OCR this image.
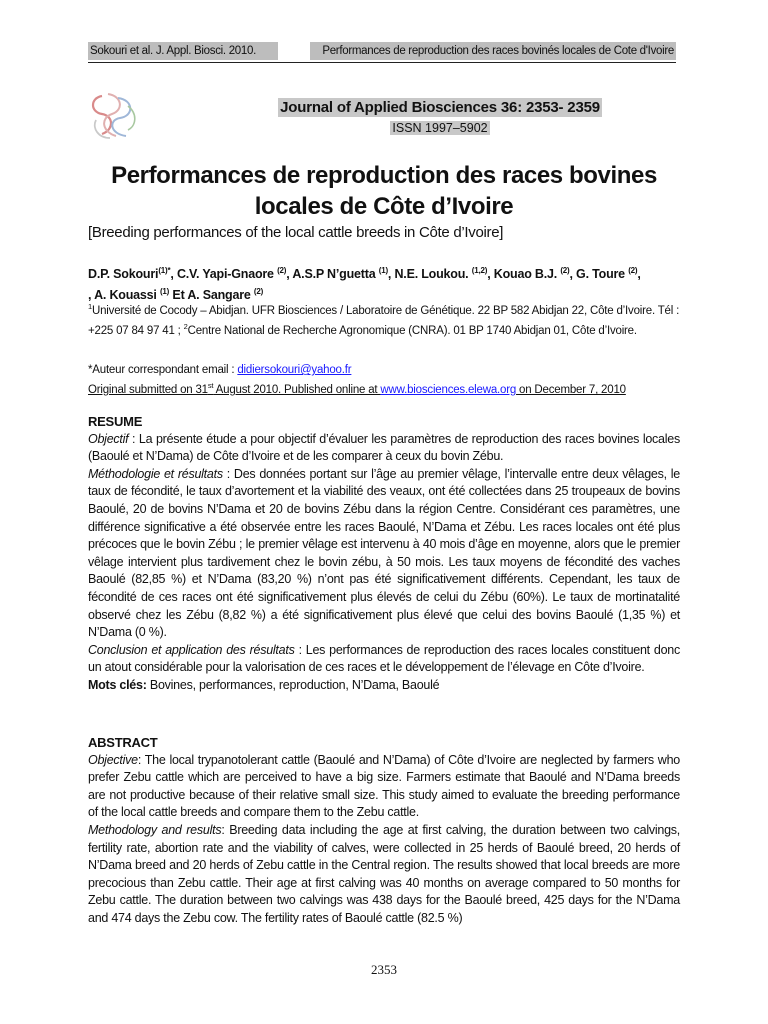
Sokouri et al. J. Appl. Biosci. 2010.	Performances de reproduction des races bovinés locales de Cote d'Ivoire
Journal of Applied Biosciences 36: 2353- 2359
ISSN 1997–5902
Performances de reproduction des races bovines locales de Côte d’Ivoire
[Breeding performances of the local cattle breeds in Côte d’Ivoire]
D.P. Sokouri$^{(1)*}$, C.V. Yapi-Gnaore $^{(2)}$, A.S.P N’guetta $^{(1)}$, N.E. Loukou. $^{(1,2)}$, Kouao B.J. $^{(2)}$, G. Toure $^{(2)}$,
, A. Kouassi $^{(1)}$ Et A. Sangare $^{(2)}$
$^1$Université de Cocody – Abidjan. UFR Biosciences / Laboratoire de Génétique. 22 BP 582 Abidjan 22, Côte d’Ivoire. Tél : +225 07 84 97 41 ; $^2$Centre National de Recherche Agronomique (CNRA). 01 BP 1740 Abidjan 01, Côte d’Ivoire.
*Auteur correspondant email : didiersokouri@yahoo.fr
Original submitted on 31st August 2010. Published online at www.biosciences.elewa.org on December 7, 2010
RESUME

Objectif : La présente étude a pour objectif d’évaluer les paramètres de reproduction des races bovines locales (Baoulé et N’Dama) de Côte d’Ivoire et de les comparer à ceux du bovin Zébu.

Méthodologie et résultats : Des données portant sur l’âge au premier vêlage, l’intervalle entre deux vêlages, le taux de fécondité, le taux d’avortement et la viabilité des veaux, ont été collectées dans 25 troupeaux de bovins Baoulé, 20 de bovins N’Dama et 20 de bovins Zébu dans la région Centre. Considérant ces paramètres, une différence significative a été observée entre les races Baoulé, N’Dama et Zébu. Les races locales ont été plus précoces que le bovin Zébu ; le premier vêlage est intervenu à 40 mois d’âge en moyenne, alors que le premier vêlage intervient plus tardivement chez le bovin zébu, à 50 mois. Les taux moyens de fécondité des vaches Baoulé (82,85 %) et N’Dama (83,20 %) n’ont pas été significativement différents. Cependant, les taux de fécondité de ces races ont été significativement plus élevés de celui du Zébu (60%). Le taux de mortinatalité observé chez les Zébu (8,82 %) a été significativement plus élevé que celui des bovins Baoulé (1,35 %) et N’Dama (0 %).

Conclusion et application des résultats : Les performances de reproduction des races locales constituent donc un atout considérable pour la valorisation de ces races et le développement de l’élevage en Côte d’Ivoire.

Mots clés: Bovines, performances, reproduction, N’Dama, Baoulé

ABSTRACT

Objective: The local trypanotolerant cattle (Baoulé and N’Dama) of Côte d’Ivoire are neglected by farmers who prefer Zebu cattle which are perceived to have a big size. Farmers estimate that Baoulé and N’Dama breeds are not productive because of their relative small size. This study aimed to evaluate the breeding performance of the local cattle breeds and compare them to the Zebu cattle.

Methodology and results: Breeding data including the age at first calving, the duration between two calvings, fertility rate, abortion rate and the viability of calves, were collected in 25 herds of Baoulé breed, 20 herds of N’Dama breed and 20 herds of Zebu cattle in the Central region. The results showed that local breeds are more precocious than Zebu cattle. Their age at first calving was 40 months on average compared to 50 months for Zebu cattle. The duration between two calvings was 438 days for the Baoulé breed, 425 days for the N’Dama and 474 days the Zebu cow. The fertility rates of Baoulé cattle (82.5 %)

2353
